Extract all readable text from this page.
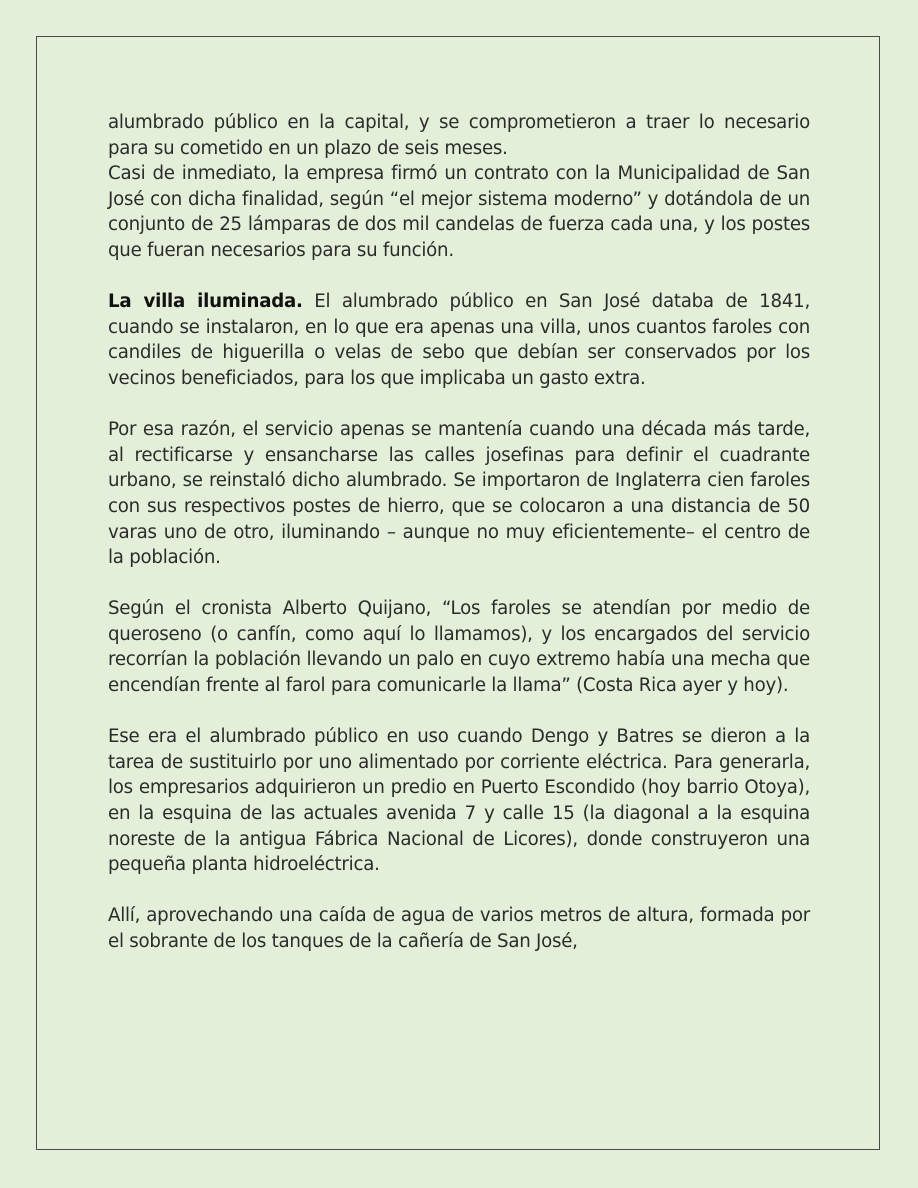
alumbrado público en la capital, y se comprometieron a traer lo necesario para su cometido en un plazo de seis meses.

Casi de inmediato, la empresa firmó un contrato con la Municipalidad de San José con dicha finalidad, según “el mejor sistema moderno” y dotándola de un conjunto de 25 lámparas de dos mil candelas de fuerza cada una, y los postes que fueran necesarios para su función.

La villa iluminada. El alumbrado público en San José databa de 1841, cuando se instalaron, en lo que era apenas una villa, unos cuantos faroles con candiles de higuerilla o velas de sebo que debían ser conservados por los vecinos beneficiados, para los que implicaba un gasto extra.

Por esa razón, el servicio apenas se mantenía cuando una década más tarde, al rectificarse y ensancharse las calles josefinas para definir el cuadrante urbano, se reinstaló dicho alumbrado. Se importaron de Inglaterra cien faroles con sus respectivos postes de hierro, que se colocaron a una distancia de 50 varas uno de otro, iluminando – aunque no muy eficientemente– el centro de la población.

Según el cronista Alberto Quijano, “Los faroles se atendían por medio de queroseno (o canfín, como aquí lo llamamos), y los encargados del servicio recorrían la población llevando un palo en cuyo extremo había una mecha que encendían frente al farol para comunicarle la llama” (Costa Rica ayer y hoy).

Ese era el alumbrado público en uso cuando Dengo y Batres se dieron a la tarea de sustituirlo por uno alimentado por corriente eléctrica. Para generarla, los empresarios adquirieron un predio en Puerto Escondido (hoy barrio Otoya), en la esquina de las actuales avenida 7 y calle 15 (la diagonal a la esquina noreste de la antigua Fábrica Nacional de Licores), donde construyeron una pequeña planta hidroeléctrica.

Allí, aprovechando una caída de agua de varios metros de altura, formada por el sobrante de los tanques de la cañería de San José,
